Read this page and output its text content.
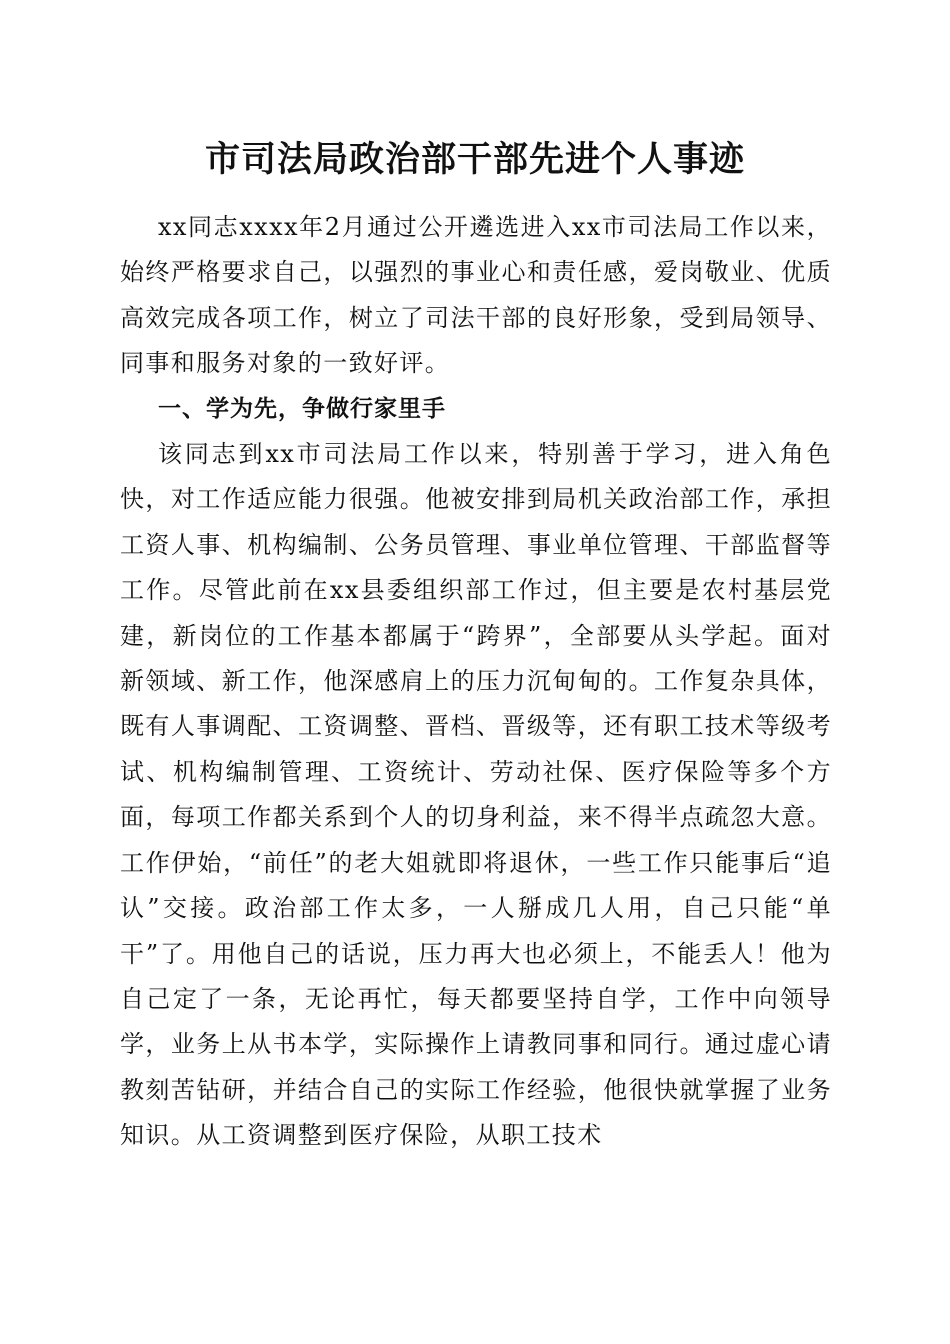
市司法局政治部干部先进个人事迹

xx同志xxxx年2月通过公开遴选进入xx市司法局工作以来，始终严格要求自己，以强烈的事业心和责任感，爱岗敬业、优质高效完成各项工作，树立了司法干部的良好形象，受到局领导、同事和服务对象的一致好评。

一、学为先，争做行家里手

该同志到xx市司法局工作以来，特别善于学习，进入角色快，对工作适应能力很强。他被安排到局机关政治部工作，承担工资人事、机构编制、公务员管理、事业单位管理、干部监督等工作。尽管此前在xx县委组织部工作过，但主要是农村基层党建，新岗位的工作基本都属于“跨界”，全部要从头学起。面对新领域、新工作，他深感肩上的压力沉甸甸的。工作复杂具体，既有人事调配、工资调整、晋档、晋级等，还有职工技术等级考试、机构编制管理、工资统计、劳动社保、医疗保险等多个方面，每项工作都关系到个人的切身利益，来不得半点疏忽大意。工作伊始，“前任”的老大姐就即将退休，一些工作只能事后“追认”交接。政治部工作太多，一人掰成几人用，自己只能“单干”了。用他自己的话说，压力再大也必须上，不能丢人！他为自己定了一条，无论再忙，每天都要坚持自学，工作中向领导学，业务上从书本学，实际操作上请教同事和同行。通过虚心请教刻苦钻研，并结合自己的实际工作经验，他很快就掌握了业务知识。从工资调整到医疗保险，从职工技术
